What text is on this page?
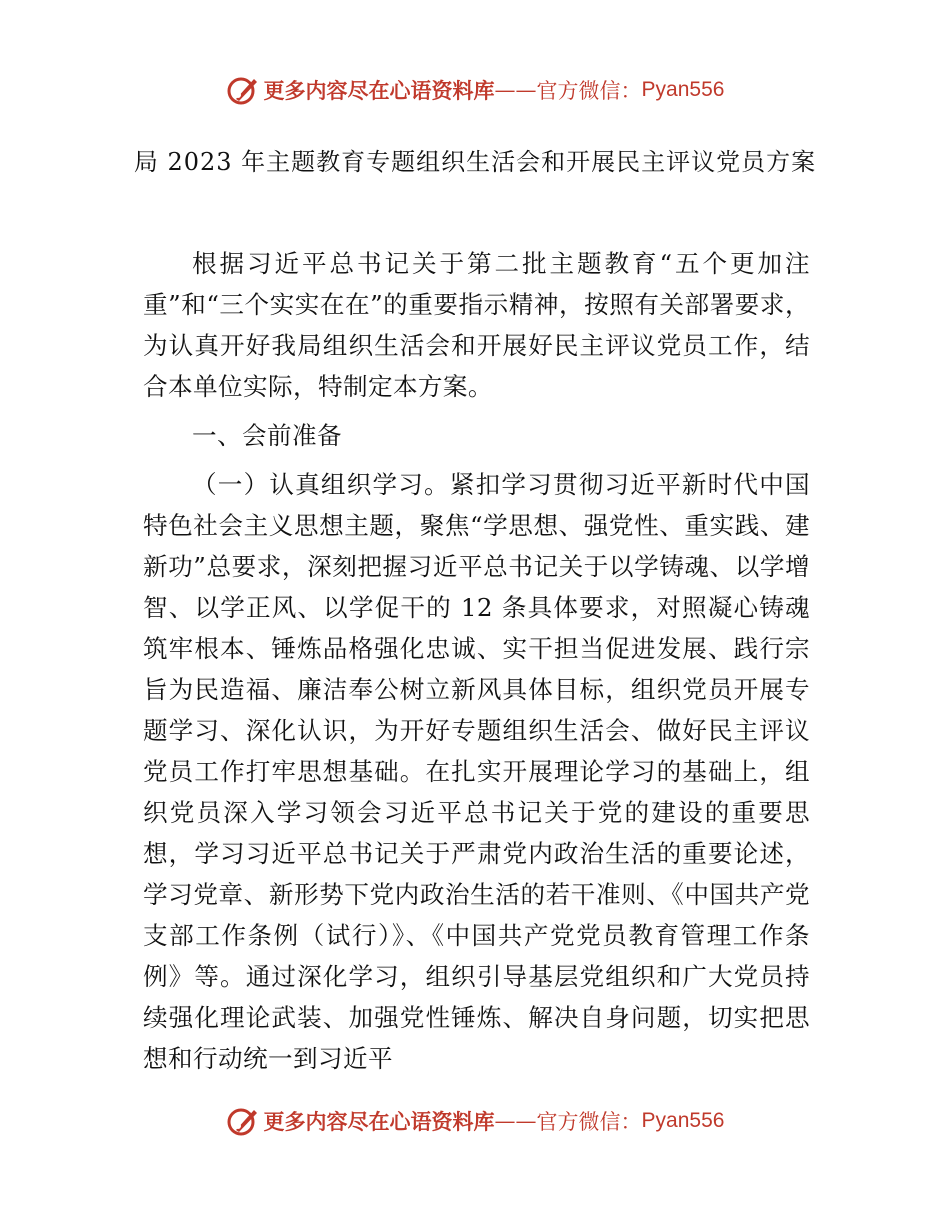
更多内容尽在心语资料库 —— 官方微信： Pyan556
局 2023 年主题教育专题组织生活会和开展民主评议党员方案

根据习近平总书记关于第二批主题教育“五个更加注重”和“三个实实在在”的重要指示精神，按照有关部署要求，为认真开好我局组织生活会和开展好民主评议党员工作，结合本单位实际，特制定本方案。

一、会前准备

（一）认真组织学习。紧扣学习贯彻习近平新时代中国特色社会主义思想主题，聚焦“学思想、强党性、重实践、建新功”总要求，深刻把握习近平总书记关于以学铸魂、以学增智、以学正风、以学促干的 12 条具体要求，对照凝心铸魂筑牢根本、锤炼品格强化忠诚、实干担当促进发展、践行宗旨为民造福、廉洁奉公树立新风具体目标，组织党员开展专题学习、深化认识，为开好专题组织生活会、做好民主评议党员工作打牢思想基础。在扎实开展理论学习的基础上，组织党员深入学习领会习近平总书记关于党的建设的重要思想，学习习近平总书记关于严肃党内政治生活的重要论述，学习党章、新形势下党内政治生活的若干准则、《中国共产党支部工作条例（试行）》、《中国共产党党员教育管理工作条例》等。通过深化学习，组织引导基层党组织和广大党员持续强化理论武装、加强党性锤炼、解决自身问题，切实把思想和行动统一到习近平

更多内容尽在心语资料库 —— 官方微信： Pyan556
